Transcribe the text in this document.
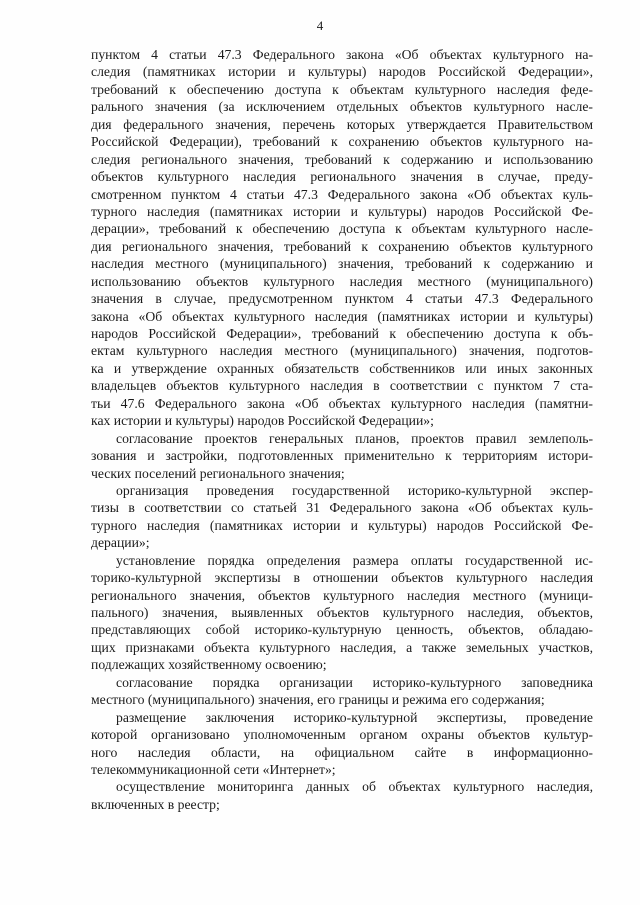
4
пунктом 4 статьи 47.3 Федерального закона «Об объектах культурного на-
следия (памятниках истории и культуры) народов Российской Федерации»,
требований к обеспечению доступа к объектам культурного наследия феде-
рального значения (за исключением отдельных объектов культурного насле-
дия федерального значения, перечень которых утверждается Правительством
Российской Федерации), требований к сохранению объектов культурного на-
следия регионального значения, требований к содержанию и использованию
объектов культурного наследия регионального значения в случае, преду-
смотренном пунктом 4 статьи 47.3 Федерального закона «Об объектах куль-
турного наследия (памятниках истории и культуры) народов Российской Фе-
дерации», требований к обеспечению доступа к объектам культурного насле-
дия регионального значения, требований к сохранению объектов культурного
наследия местного (муниципального) значения, требований к содержанию и
использованию объектов культурного наследия местного (муниципального)
значения в случае, предусмотренном пунктом 4 статьи 47.3 Федерального
закона «Об объектах культурного наследия (памятниках истории и культуры)
народов Российской Федерации», требований к обеспечению доступа к объ-
ектам культурного наследия местного (муниципального) значения, подготов-
ка и утверждение охранных обязательств собственников или иных законных
владельцев объектов культурного наследия в соответствии с пунктом 7 ста-
тьи 47.6 Федерального закона «Об объектах культурного наследия (памятни-
ках истории и культуры) народов Российской Федерации»;
согласование проектов генеральных планов, проектов правил землеполь-
зования и застройки, подготовленных применительно к территориям истори-
ческих поселений регионального значения;
организация проведения государственной историко-культурной экспер-
тизы в соответствии со статьей 31 Федерального закона «Об объектах куль-
турного наследия (памятниках истории и культуры) народов Российской Фе-
дерации»;
установление порядка определения размера оплаты государственной ис-
торико-культурной экспертизы в отношении объектов культурного наследия
регионального значения, объектов культурного наследия местного (муници-
пального) значения, выявленных объектов культурного наследия, объектов,
представляющих собой историко-культурную ценность, объектов, обладаю-
щих признаками объекта культурного наследия, а также земельных участков,
подлежащих хозяйственному освоению;
согласование порядка организации историко-культурного заповедника
местного (муниципального) значения, его границы и режима его содержания;
размещение заключения историко-культурной экспертизы, проведение
которой организовано уполномоченным органом охраны объектов культур-
ного наследия области, на официальном сайте в информационно-
телекоммуникационной сети «Интернет»;
осуществление мониторинга данных об объектах культурного наследия,
включенных в реестр;
